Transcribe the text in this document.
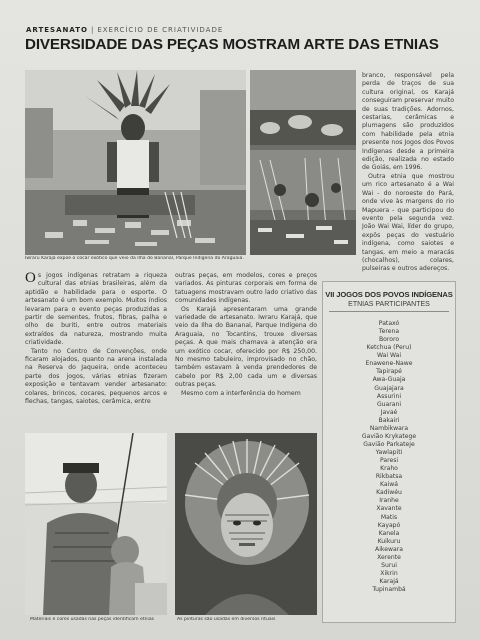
ARTESANATO | EXERCÍCIO DE CRIATIVIDADE
DIVERSIDADE DAS PEÇAS MOSTRAM ARTE DAS ETNIAS
Iwraru Karajá expõe o cocar exótico que veio da Ilha do Bananal, Parque Indígena do Araguaia.

branco, responsável pela perda de traços de sua cultura original, os Karajá conseguiram preservar muito de suas tradições. Adornos, cestarias, cerâmicas e plumagens são produzidos com habilidade pela etnia presente nos Jogos dos Povos Indígenas desde a primeira edição, realizada no estado de Goiás, em 1996.

Outra etnia que mostrou um rico artesanato é a Wai Wai - do noroeste do Pará, onde vive às margens do rio Mapuera - que participou do evento pela segunda vez. João Wai Wai, líder do grupo, expôs peças do vestuário indígena, como saiotes e tangas, em meio a maracás (chocalhos), colares, pulseiras e outros adereços.

Os jogos indígenas retratam a riqueza cultural das etnias brasileiras, além da aptidão e habilidade para o esporte. O artesanato é um bom exemplo. Muitos índios levaram para o evento peças produzidas a partir de sementes, frutos, fibras, palha e olho de buriti, entre outros materiais extraídos da natureza, mostrando muita criatividade.

Tanto no Centro de Convenções, onde ficaram alojados, quanto na arena instalada na Reserva do Jaqueira, onde aconteceu parte dos jogos, várias etnias fizeram exposição e tentavam vender artesanato: colares, brincos, cocares, pequenos arcos e flechas, tangas, saiotes, cerâmica, entre

outras peças, em modelos, cores e preços variados. As pinturas corporais em forma de tatuagens mostravam outro lado criativo das comunidades indígenas.

Os Karajá apresentaram uma grande variedade de artesanato. Iwraru Karajá, que veio da Ilha do Bananal, Parque Indígena do Araguaia, no Tocantins, trouxe diversas peças. A que mais chamava a atenção era um exótico cocar, oferecido por R$ 250,00. No mesmo tabuleiro, improvisado no chão, também estavam à venda prendedores de cabelo por R$ 2,00 cada um e diversas outras peças.

Mesmo com a interferência do homem

Materiais e cores usadas nas peças identificam etnias	As pinturas são usadas em diversos rituais
VII JOGOS DOS POVOS INDÍGENAS
ETNIAS PARTICIPANTES
Pataxó
Terena
Bororo
Ketchua (Peru)
Wai Wai
Enawene-Nawe
Tapirapé
Awa-Guaja
Guajajara
Assurini
Guarani
Javaé
Bakairi
Nambikwara
Gavião Krykatege
Gavião Parkateje
Yawlapiti
Paresi
Kraho
Rikbatsa
Kaiwá
Kadiwéu
Iranhe
Xavante
Matis
Kayapó
Kanela
Kuikuru
Aikewara
Xerente
Surui
Xikrin
Karajá
Tupinambá
